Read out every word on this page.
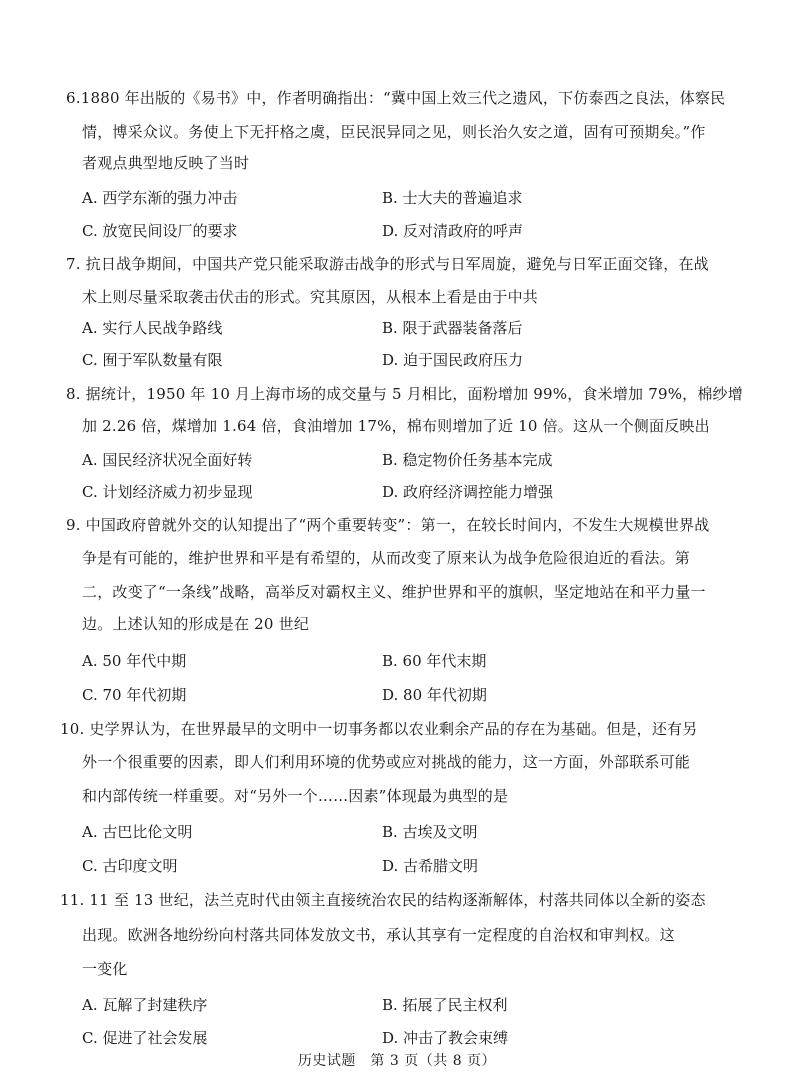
6.1880 年出版的《易书》中，作者明确指出：“冀中国上效三代之遗风，下仿泰西之良法，体察民
情，博采众议。务使上下无扞格之虞，臣民泯异同之见，则长治久安之道，固有可预期矣。”作
者观点典型地反映了当时
A. 西学东渐的强力冲击	B. 士大夫的普遍追求
C. 放宽民间设厂的要求	D. 反对清政府的呼声
7. 抗日战争期间，中国共产党只能采取游击战争的形式与日军周旋，避免与日军正面交锋，在战
术上则尽量采取袭击伏击的形式。究其原因，从根本上看是由于中共
A. 实行人民战争路线	B. 限于武器装备落后
C. 囿于军队数量有限	D. 迫于国民政府压力
8. 据统计，1950 年 10 月上海市场的成交量与 5 月相比，面粉增加 99%，食米增加 79%，棉纱增
加 2.26 倍，煤增加 1.64 倍，食油增加 17%，棉布则增加了近 10 倍。这从一个侧面反映出
A. 国民经济状况全面好转	B. 稳定物价任务基本完成
C. 计划经济威力初步显现	D. 政府经济调控能力增强
9. 中国政府曾就外交的认知提出了“两个重要转变”：第一，在较长时间内，不发生大规模世界战
争是有可能的，维护世界和平是有希望的，从而改变了原来认为战争危险很迫近的看法。第
二，改变了“一条线”战略，高举反对霸权主义、维护世界和平的旗帜，坚定地站在和平力量一
边。上述认知的形成是在 20 世纪
A. 50 年代中期	B. 60 年代末期
C. 70 年代初期	D. 80 年代初期
10. 史学界认为，在世界最早的文明中一切事务都以农业剩余产品的存在为基础。但是，还有另
外一个很重要的因素，即人们利用环境的优势或应对挑战的能力，这一方面，外部联系可能
和内部传统一样重要。对“另外一个……因素”体现最为典型的是
A. 古巴比伦文明	B. 古埃及文明
C. 古印度文明	D. 古希腊文明
11. 11 至 13 世纪，法兰克时代由领主直接统治农民的结构逐渐解体，村落共同体以全新的姿态
出现。欧洲各地纷纷向村落共同体发放文书，承认其享有一定程度的自治权和审判权。这
一变化
A. 瓦解了封建秩序	B. 拓展了民主权利
C. 促进了社会发展	D. 冲击了教会束缚
历史试题　第 3 页（共 8 页）
